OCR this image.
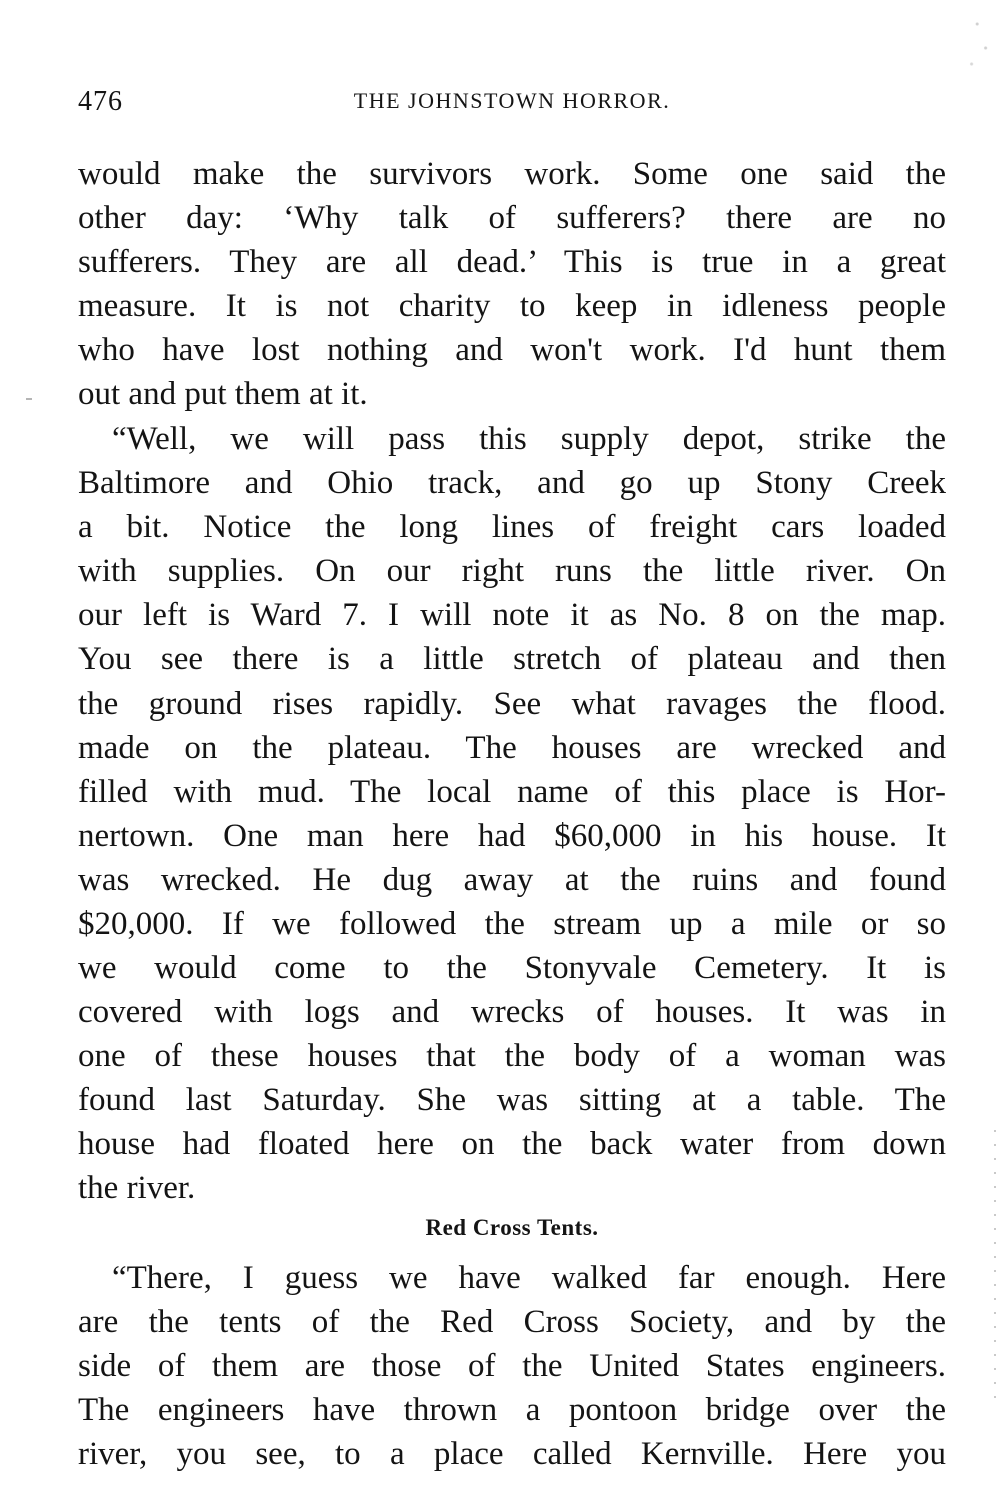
476	THE JOHNSTOWN HORROR.
would make the survivors work. Some one said the
other day: ‘Why talk of sufferers? there are no
sufferers. They are all dead.’ This is true in a great
measure. It is not charity to keep in idleness people
who have lost nothing and won't work. I'd hunt them
out and put them at it.
“Well, we will pass this supply depot, strike the
Baltimore and Ohio track, and go up Stony Creek
a bit. Notice the long lines of freight cars loaded
with supplies. On our right runs the little river. On
our left is Ward 7. I will note it as No. 8 on the map.
You see there is a little stretch of plateau and then
the ground rises rapidly. See what ravages the flood.
made on the plateau. The houses are wrecked and
filled with mud. The local name of this place is Hor-
nertown. One man here had $60,000 in his house. It
was wrecked. He dug away at the ruins and found
$20,000. If we followed the stream up a mile or so
we would come to the Stonyvale Cemetery. It is
covered with logs and wrecks of houses. It was in
one of these houses that the body of a woman was
found last Saturday. She was sitting at a table. The
house had floated here on the back water from down
the river.
Red Cross Tents.
“There, I guess we have walked far enough. Here
are the tents of the Red Cross Society, and by the
side of them are those of the United States engineers.
The engineers have thrown a pontoon bridge over the
river, you see, to a place called Kernville. Here you
